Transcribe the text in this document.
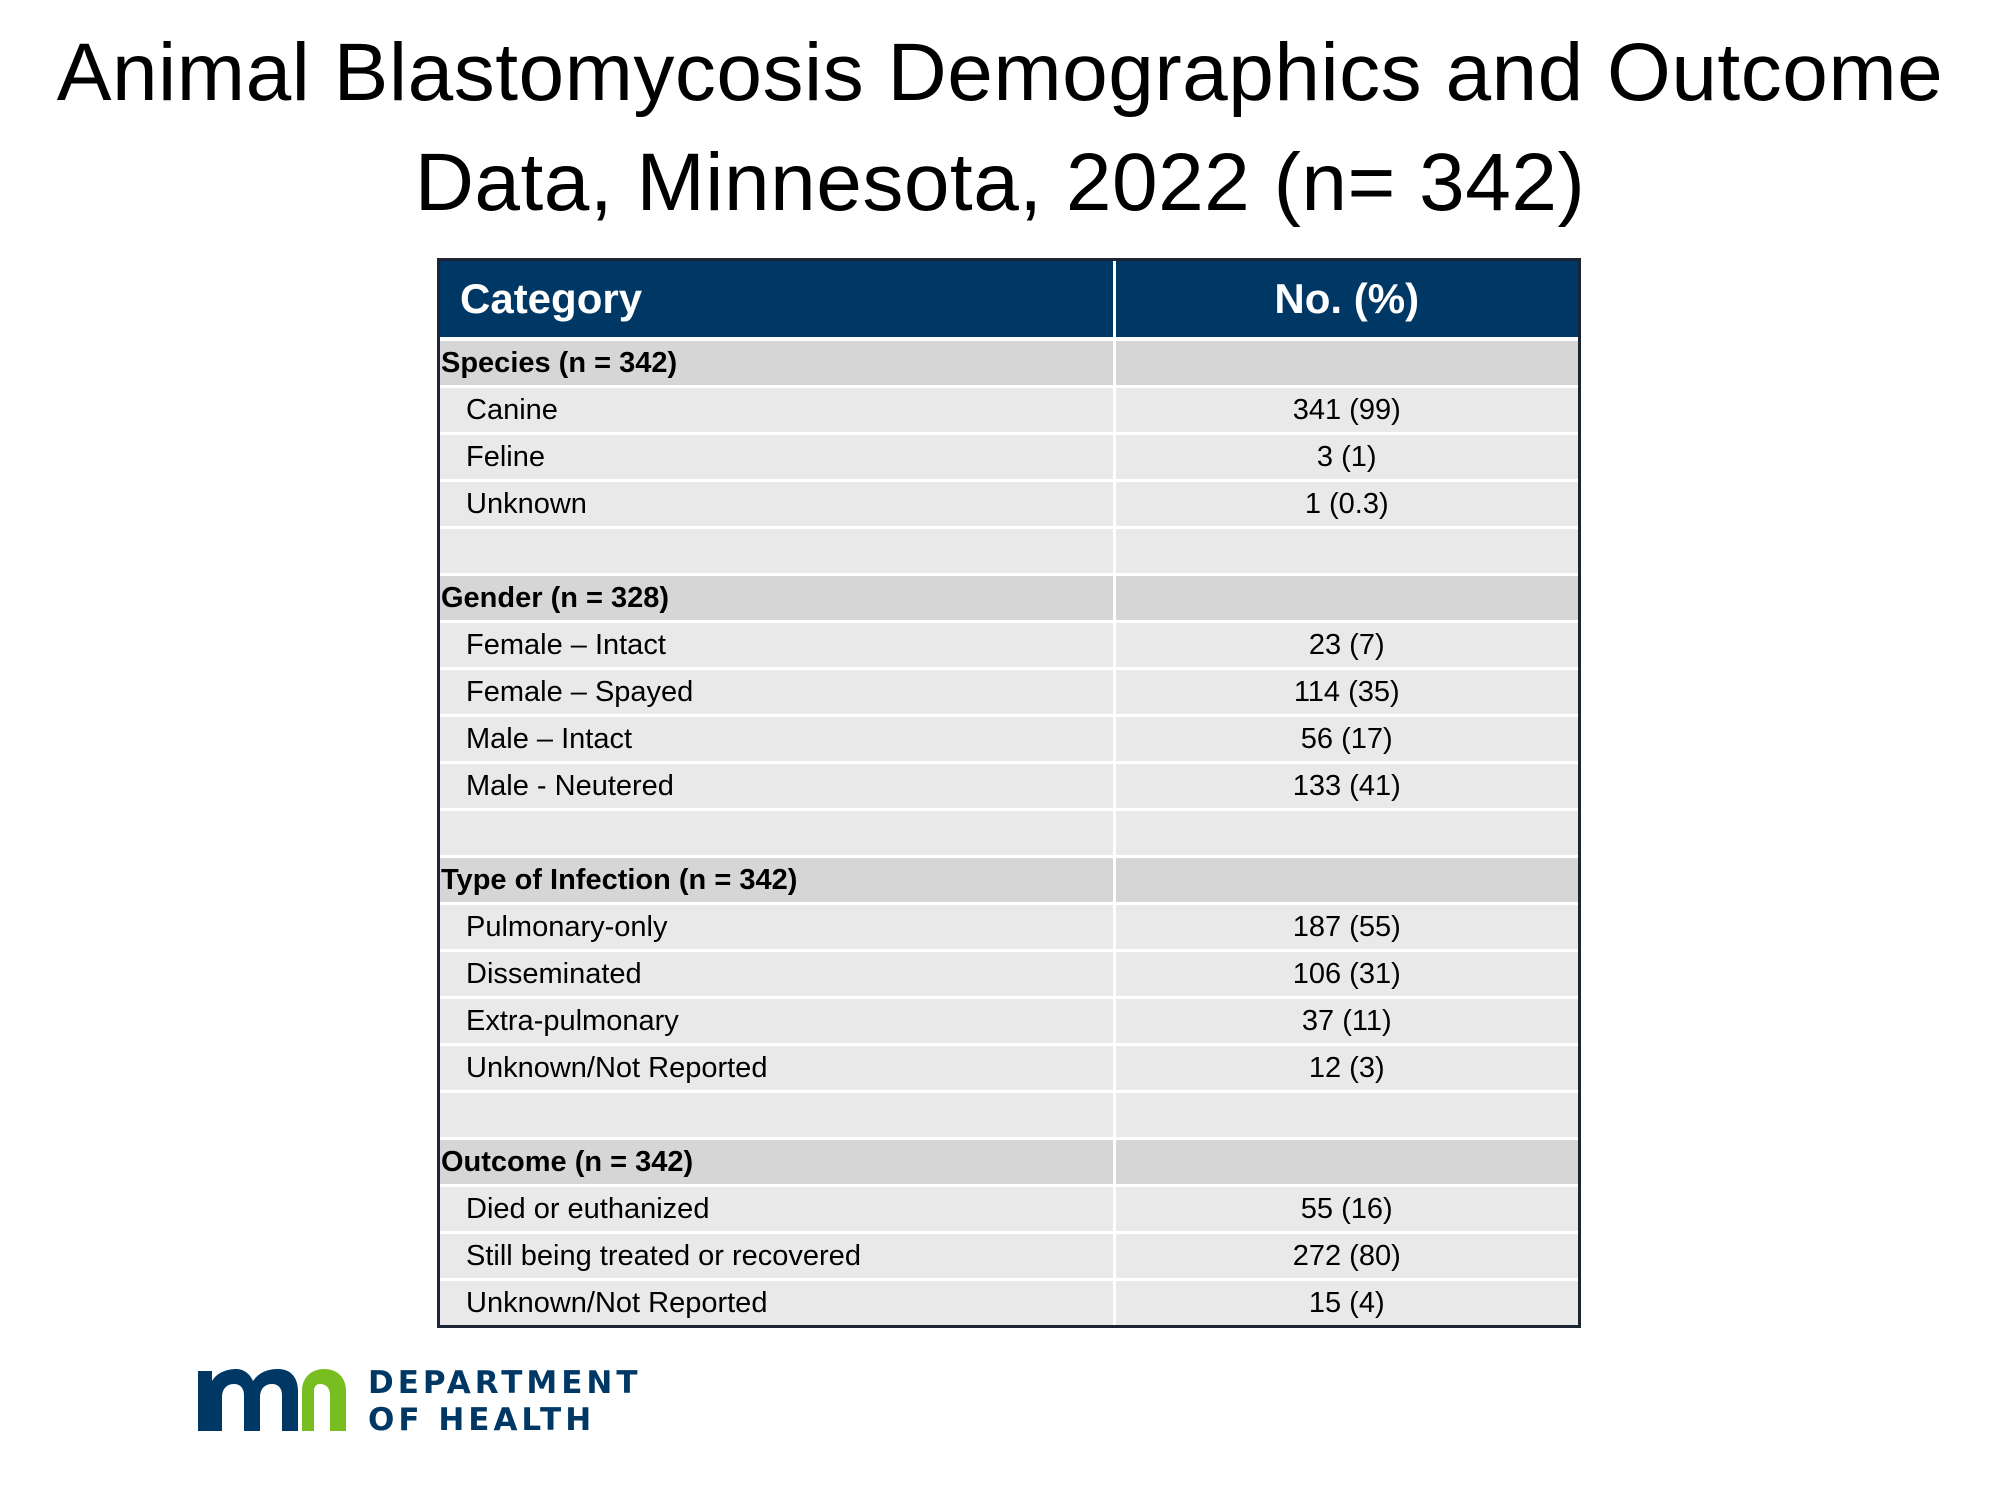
Animal Blastomycosis Demographics and Outcome
Data, Minnesota, 2022 (n= 342)
Category	No. (%)
Species (n = 342)	
Canine	341 (99)
Feline	3 (1)
Unknown	1 (0.3)

Gender (n = 328)	
Female – Intact	23 (7)
Female – Spayed	114 (35)
Male – Intact	56 (17)
Male - Neutered	133 (41)

Type of Infection (n = 342)	
Pulmonary-only	187 (55)
Disseminated	106 (31)
Extra-pulmonary	37 (11)
Unknown/Not Reported	12 (3)

Outcome (n = 342)	
Died or euthanized	55 (16)
Still being treated or recovered	272 (80)
Unknown/Not Reported	15 (4)
DEPARTMENT
OF HEALTH
